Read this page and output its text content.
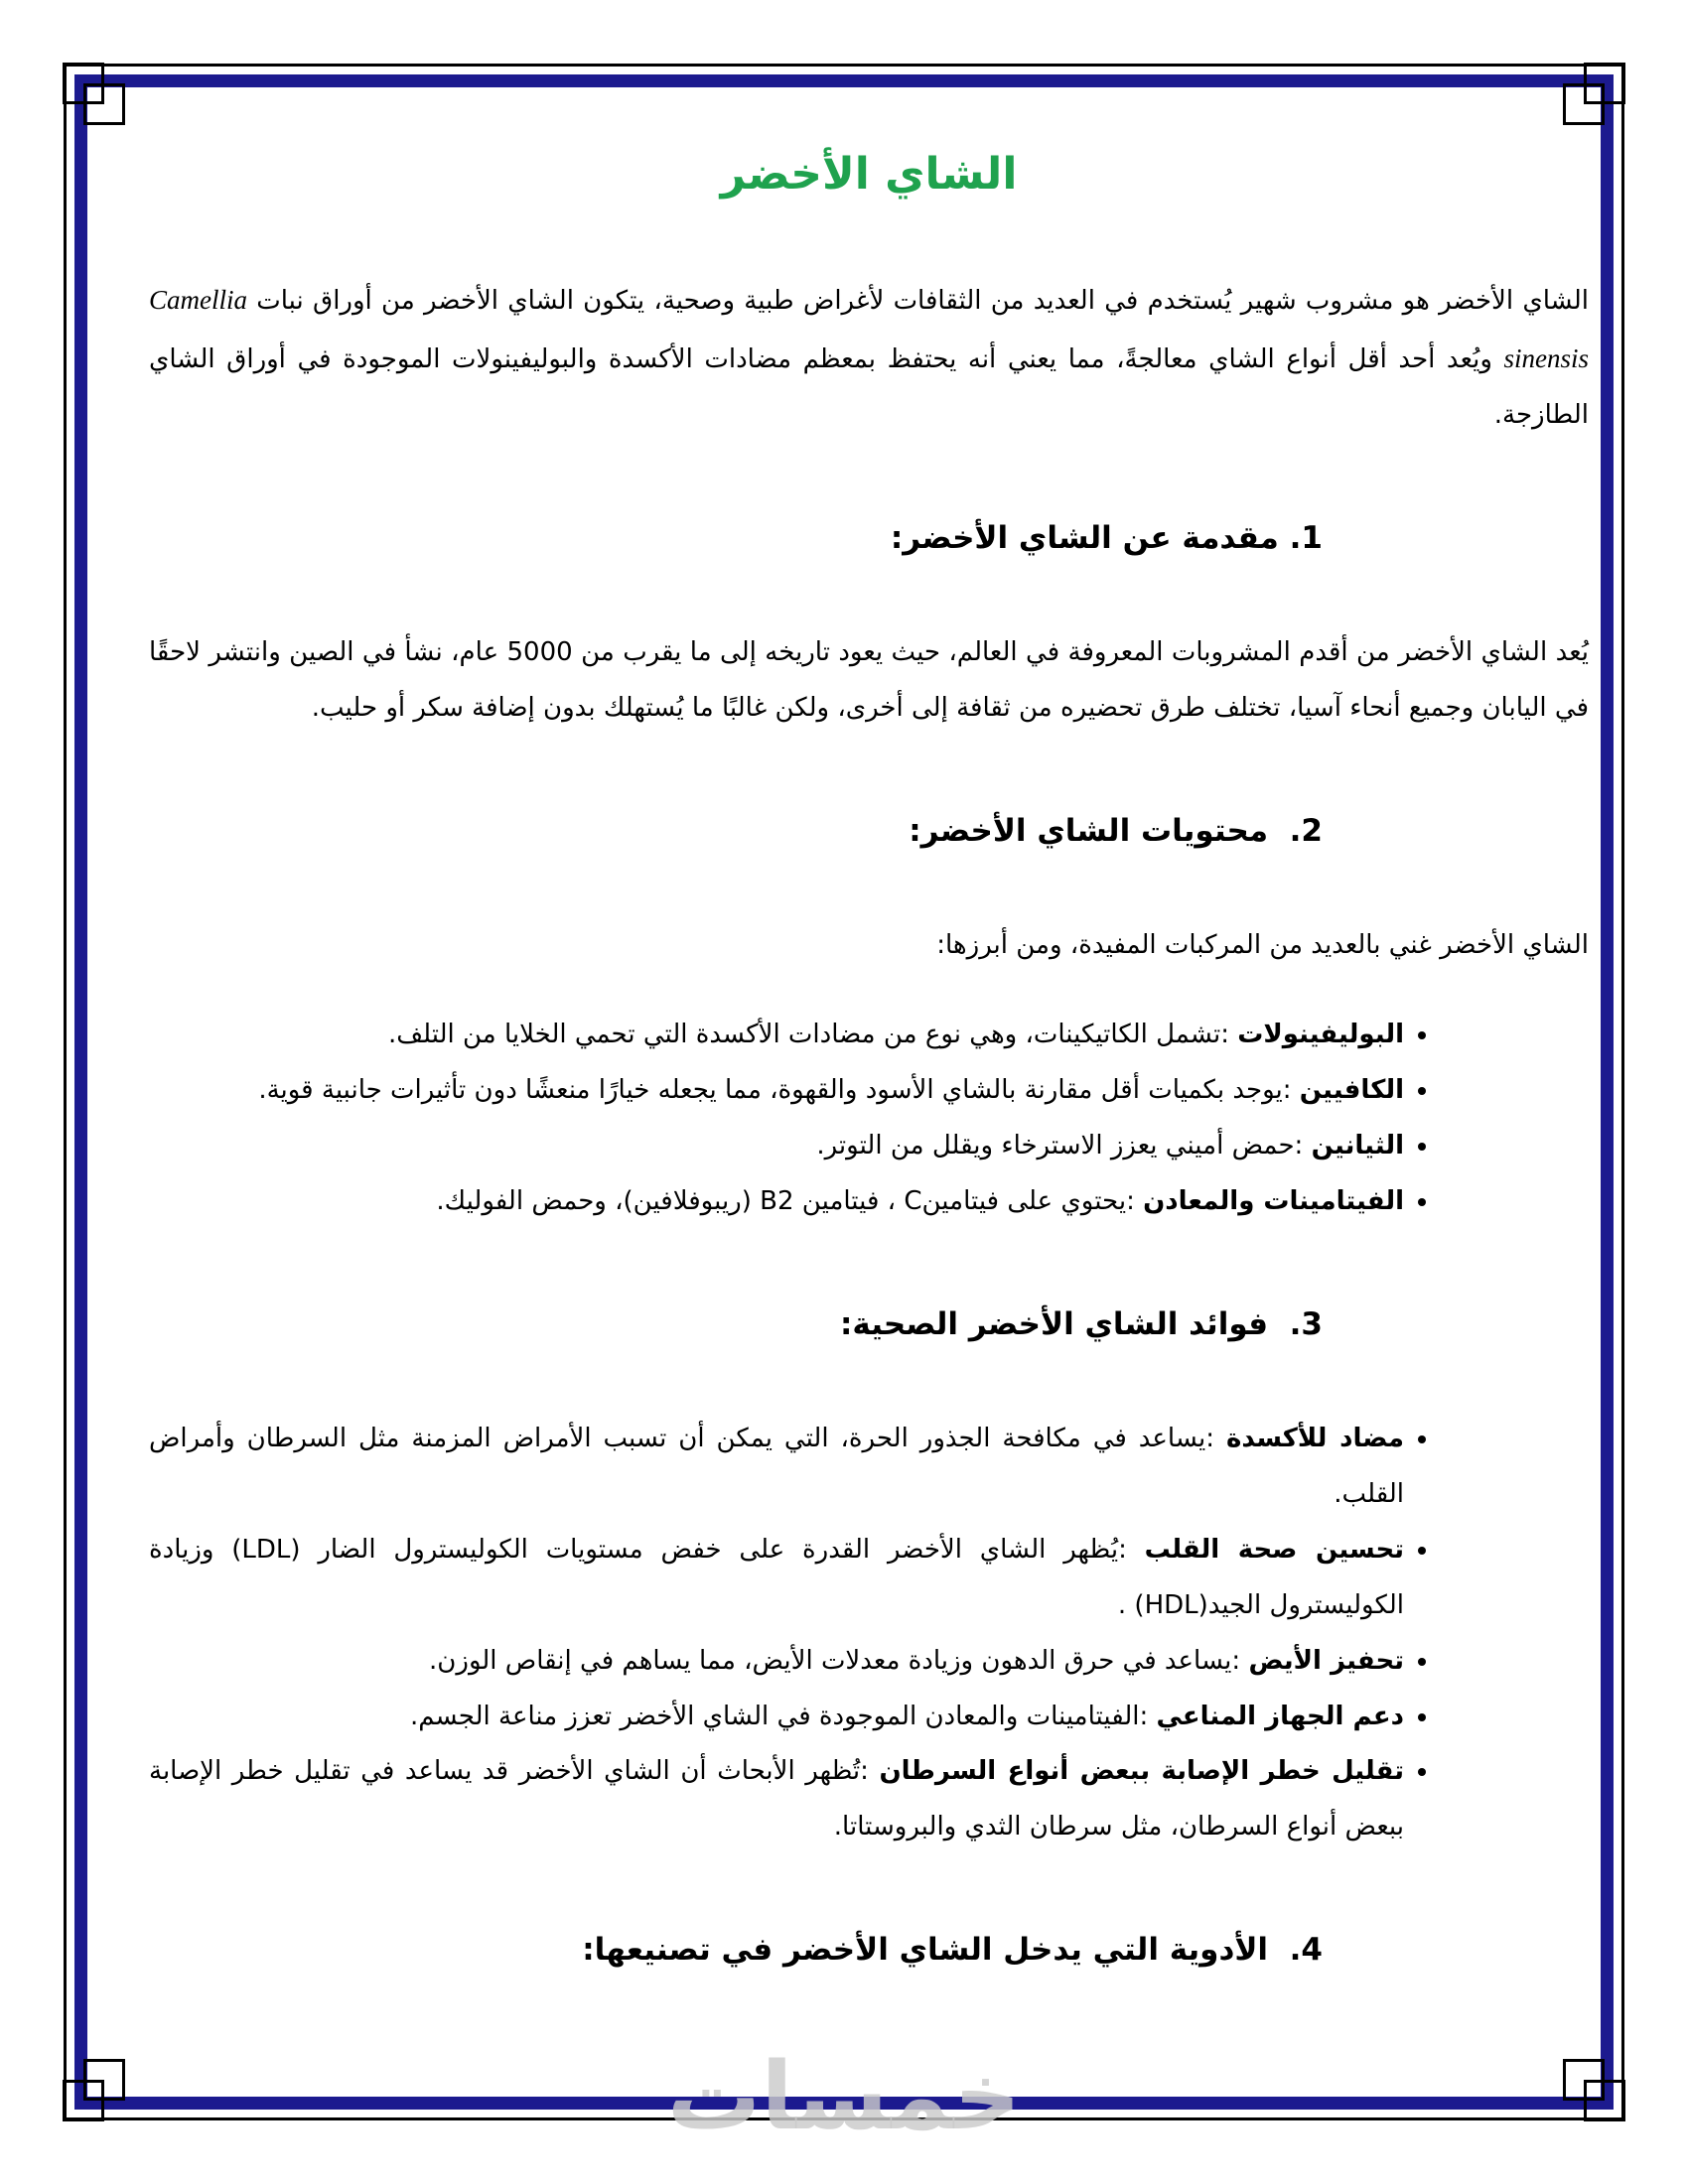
الشاي الأخضر

الشاي الأخضر هو مشروب شهير يُستخدم في العديد من الثقافات لأغراض طبية وصحية، يتكون الشاي الأخضر من أوراق نبات Camellia sinensis ويُعد أحد أقل أنواع الشاي معالجةً، مما يعني أنه يحتفظ بمعظم مضادات الأكسدة والبوليفينولات الموجودة في أوراق الشاي الطازجة.

1. مقدمة عن الشاي الأخضر:

يُعد الشاي الأخضر من أقدم المشروبات المعروفة في العالم، حيث يعود تاريخه إلى ما يقرب من 5000 عام، نشأ في الصين وانتشر لاحقًا في اليابان وجميع أنحاء آسيا، تختلف طرق تحضيره من ثقافة إلى أخرى، ولكن غالبًا ما يُستهلك بدون إضافة سكر أو حليب.

2.  محتويات الشاي الأخضر:

الشاي الأخضر غني بالعديد من المركبات المفيدة، ومن أبرزها:

• البوليفينولات :تشمل الكاتيكينات، وهي نوع من مضادات الأكسدة التي تحمي الخلايا من التلف.
• الكافيين :يوجد بكميات أقل مقارنة بالشاي الأسود والقهوة، مما يجعله خيارًا منعشًا دون تأثيرات جانبية قوية.
• الثيانين :حمض أميني يعزز الاسترخاء ويقلل من التوتر.
• الفيتامينات والمعادن :يحتوي على فيتامينC ، فيتامين B2 (ريبوفلافين)، وحمض الفوليك.
3.  فوائد الشاي الأخضر الصحية:
• مضاد للأكسدة :يساعد في مكافحة الجذور الحرة، التي يمكن أن تسبب الأمراض المزمنة مثل السرطان وأمراض القلب.
• تحسين صحة القلب :يُظهر الشاي الأخضر القدرة على خفض مستويات الكوليسترول الضار (LDL) وزيادة الكوليسترول الجيد(HDL) .
• تحفيز الأيض :يساعد في حرق الدهون وزيادة معدلات الأيض، مما يساهم في إنقاص الوزن.
• دعم الجهاز المناعي :الفيتامينات والمعادن الموجودة في الشاي الأخضر تعزز مناعة الجسم.
• تقليل خطر الإصابة ببعض أنواع السرطان :تُظهر الأبحاث أن الشاي الأخضر قد يساعد في تقليل خطر الإصابة ببعض أنواع السرطان، مثل سرطان الثدي والبروستاتا.
4.  الأدوية التي يدخل الشاي الأخضر في تصنيعها:
خمسات
